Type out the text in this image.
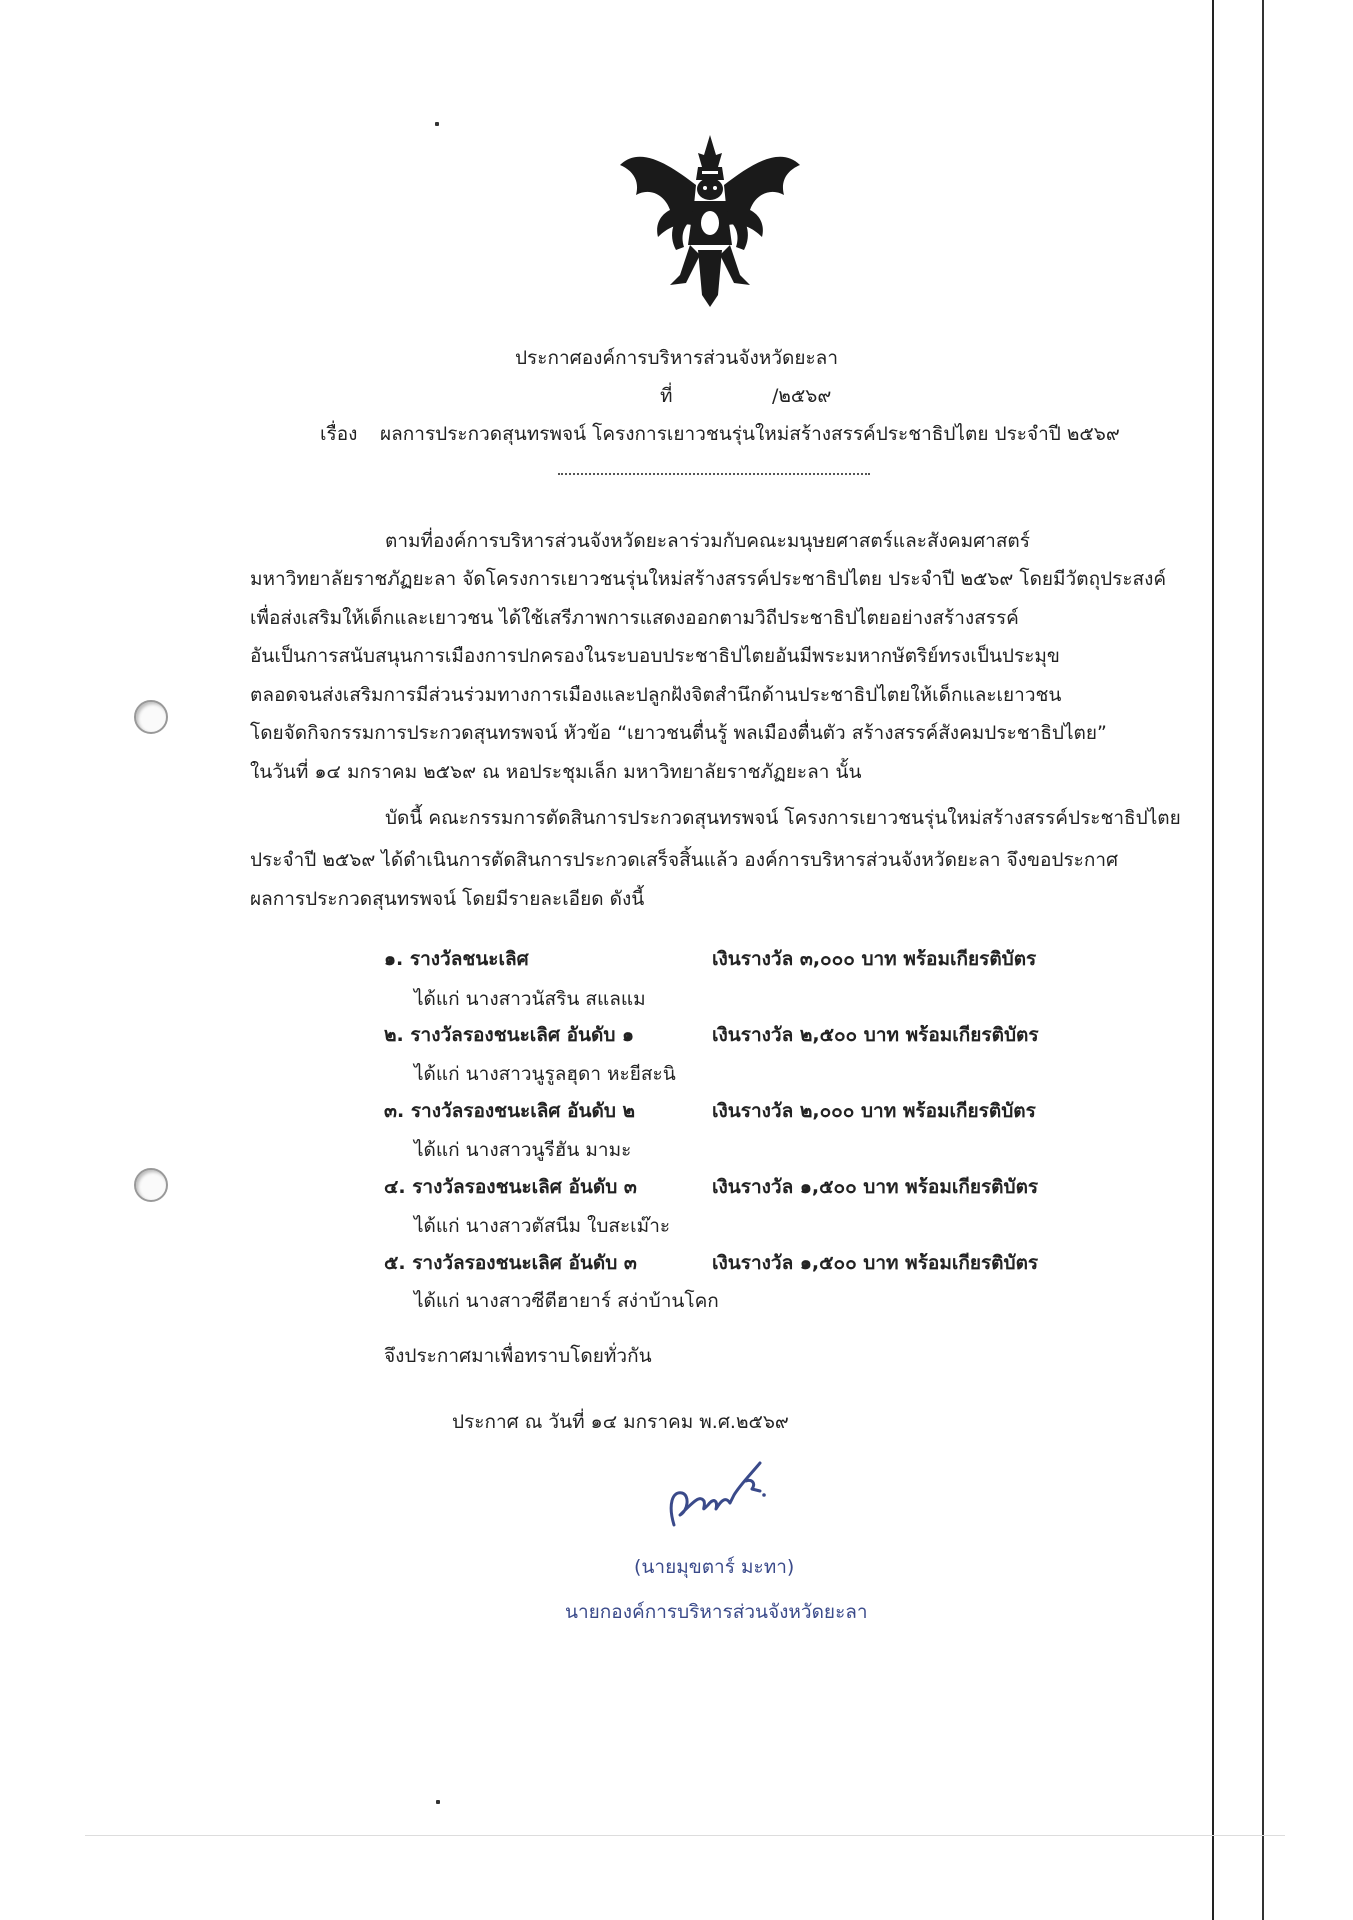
ประกาศองค์การบริหารส่วนจังหวัดยะลา
ที่	/๒๕๖๙
เรื่อง ผลการประกวดสุนทรพจน์ โครงการเยาวชนรุ่นใหม่สร้างสรรค์ประชาธิปไตย ประจำปี ๒๕๖๙
ตามที่องค์การบริหารส่วนจังหวัดยะลาร่วมกับคณะมนุษยศาสตร์และสังคมศาสตร์
มหาวิทยาลัยราชภัฏยะลา จัดโครงการเยาวชนรุ่นใหม่สร้างสรรค์ประชาธิปไตย ประจำปี ๒๕๖๙ โดยมีวัตถุประสงค์
เพื่อส่งเสริมให้เด็กและเยาวชน ได้ใช้เสรีภาพการแสดงออกตามวิถีประชาธิปไตยอย่างสร้างสรรค์
อันเป็นการสนับสนุนการเมืองการปกครองในระบอบประชาธิปไตยอันมีพระมหากษัตริย์ทรงเป็นประมุข
ตลอดจนส่งเสริมการมีส่วนร่วมทางการเมืองและปลูกฝังจิตสำนึกด้านประชาธิปไตยให้เด็กและเยาวชน
โดยจัดกิจกรรมการประกวดสุนทรพจน์ หัวข้อ “เยาวชนตื่นรู้ พลเมืองตื่นตัว สร้างสรรค์สังคมประชาธิปไตย”
ในวันที่ ๑๔ มกราคม ๒๕๖๙ ณ หอประชุมเล็ก มหาวิทยาลัยราชภัฏยะลา นั้น
บัดนี้ คณะกรรมการตัดสินการประกวดสุนทรพจน์ โครงการเยาวชนรุ่นใหม่สร้างสรรค์ประชาธิปไตย
ประจำปี ๒๕๖๙ ได้ดำเนินการตัดสินการประกวดเสร็จสิ้นแล้ว องค์การบริหารส่วนจังหวัดยะลา จึงขอประกาศ
ผลการประกวดสุนทรพจน์ โดยมีรายละเอียด ดังนี้
๑. รางวัลชนะเลิศ	เงินรางวัล ๓,๐๐๐ บาท พร้อมเกียรติบัตร
ได้แก่ นางสาวนัสริน สแลแม
๒. รางวัลรองชนะเลิศ อันดับ ๑	เงินรางวัล ๒,๕๐๐ บาท พร้อมเกียรติบัตร
ได้แก่ นางสาวนูรูลฮุดา หะยีสะนิ
๓. รางวัลรองชนะเลิศ อันดับ ๒	เงินรางวัล ๒,๐๐๐ บาท พร้อมเกียรติบัตร
ได้แก่ นางสาวนูรีฮัน มามะ
๔. รางวัลรองชนะเลิศ อันดับ ๓	เงินรางวัล ๑,๕๐๐ บาท พร้อมเกียรติบัตร
ได้แก่ นางสาวตัสนีม ใบสะเม๊าะ
๕. รางวัลรองชนะเลิศ อันดับ ๓	เงินรางวัล ๑,๕๐๐ บาท พร้อมเกียรติบัตร
ได้แก่ นางสาวซีตีฮายาร์ สง่าบ้านโคก
จึงประกาศมาเพื่อทราบโดยทั่วกัน
ประกาศ ณ วันที่ ๑๔ มกราคม พ.ศ.๒๕๖๙
(นายมุขตาร์ มะทา)
นายกองค์การบริหารส่วนจังหวัดยะลา
